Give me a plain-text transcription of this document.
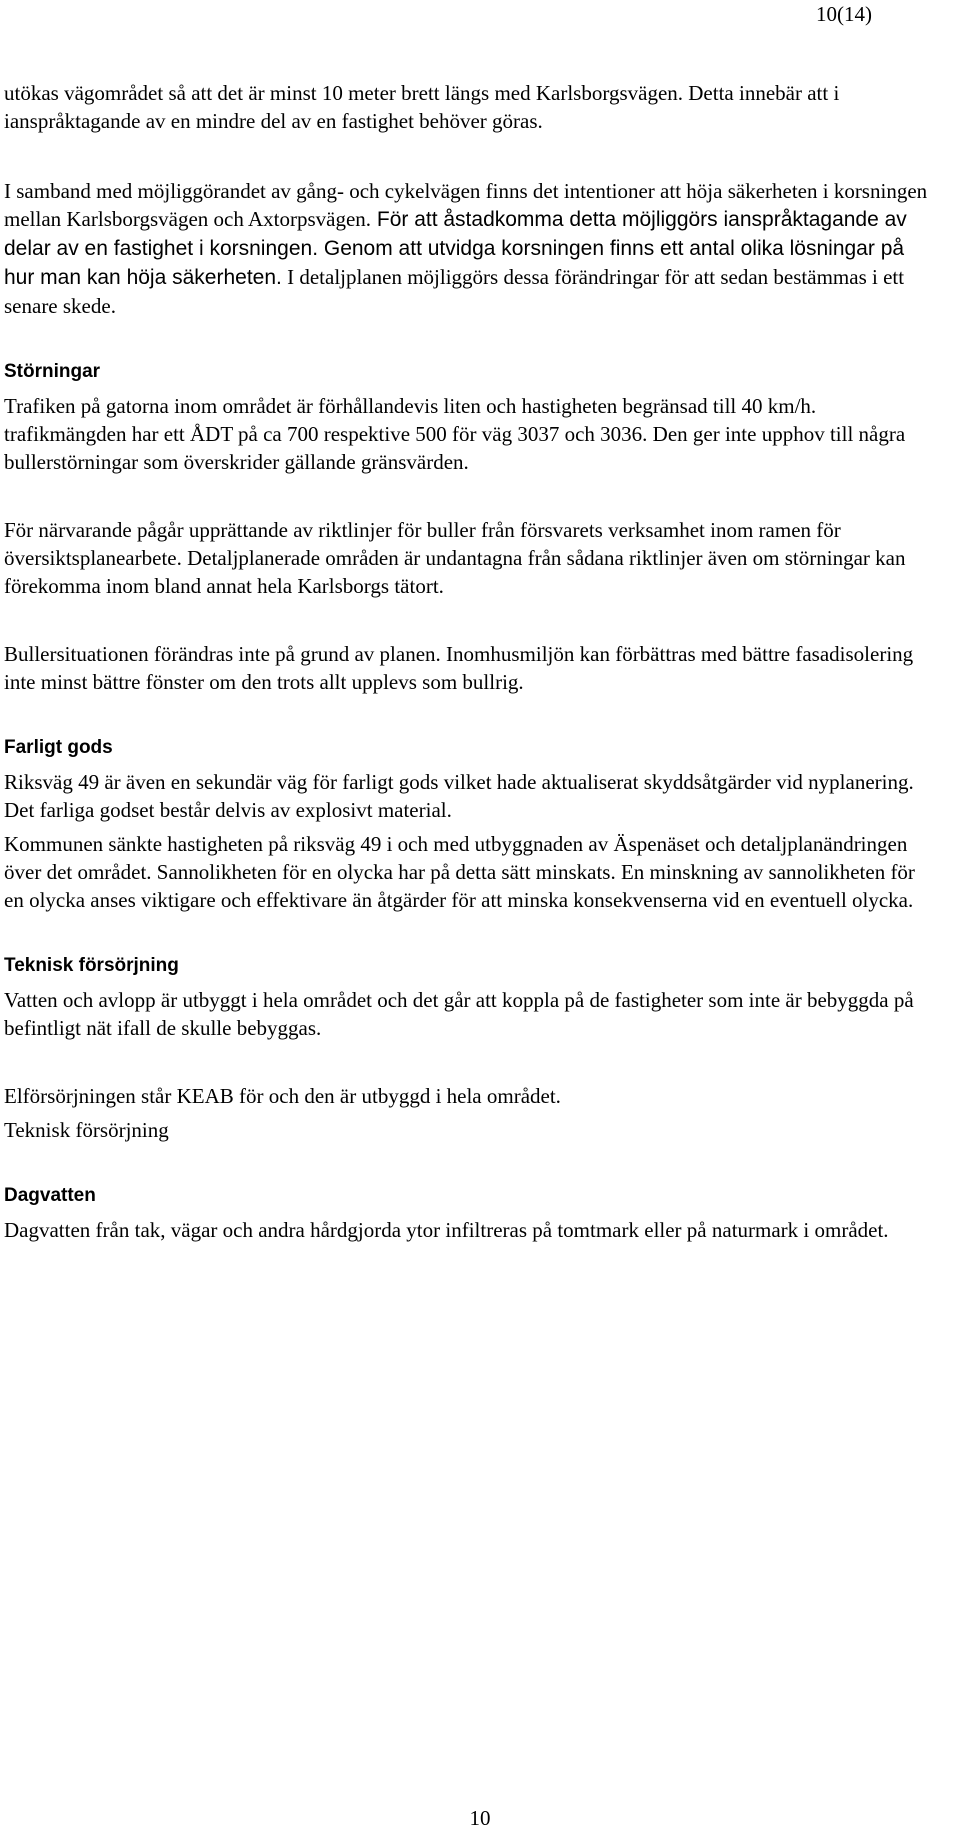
10(14)

utökas vägområdet så att det är minst 10 meter brett längs med Karlsborgsvägen. Detta innebär att i ianspråktagande av en mindre del av en fastighet behöver göras.

I samband med möjliggörandet av gång- och cykelvägen finns det intentioner att höja säkerheten i korsningen mellan Karlsborgsvägen och Axtorpsvägen. För att åstadkomma detta möjliggörs ianspråktagande av delar av en fastighet i korsningen. Genom att utvidga korsningen finns ett antal olika lösningar på hur man kan höja säkerheten. I detaljplanen möjliggörs dessa förändringar för att sedan bestämmas i ett senare skede.

Störningar

Trafiken på gatorna inom området är förhållandevis liten och hastigheten begränsad till 40 km/h. trafikmängden har ett ÅDT på ca 700 respektive 500 för väg 3037 och 3036. Den ger inte upphov till några bullerstörningar som överskrider gällande gränsvärden.

För närvarande pågår upprättande av riktlinjer för buller från försvarets verksamhet inom ramen för översiktsplanearbete. Detaljplanerade områden är undantagna från sådana riktlinjer även om störningar kan förekomma inom bland annat hela Karlsborgs tätort.

Bullersituationen förändras inte på grund av planen. Inomhusmiljön kan förbättras med bättre fasadisolering inte minst bättre fönster om den trots allt upplevs som bullrig.

Farligt gods

Riksväg 49 är även en sekundär väg för farligt gods vilket hade aktualiserat skyddsåtgärder vid nyplanering. Det farliga godset består delvis av explosivt material.

Kommunen sänkte hastigheten på riksväg 49 i och med utbyggnaden av Äspenäset och detaljplanändringen över det området. Sannolikheten för en olycka har på detta sätt minskats. En minskning av sannolikheten för en olycka anses viktigare och effektivare än åtgärder för att minska konsekvenserna vid en eventuell olycka.

Teknisk försörjning

Vatten och avlopp är utbyggt i hela området och det går att koppla på de fastigheter som inte är bebyggda på befintligt nät ifall de skulle bebyggas.

Elförsörjningen står KEAB för och den är utbyggd i hela området.

Teknisk försörjning

Dagvatten

Dagvatten från tak, vägar och andra hårdgjorda ytor infiltreras på tomtmark eller på naturmark i området.

10
